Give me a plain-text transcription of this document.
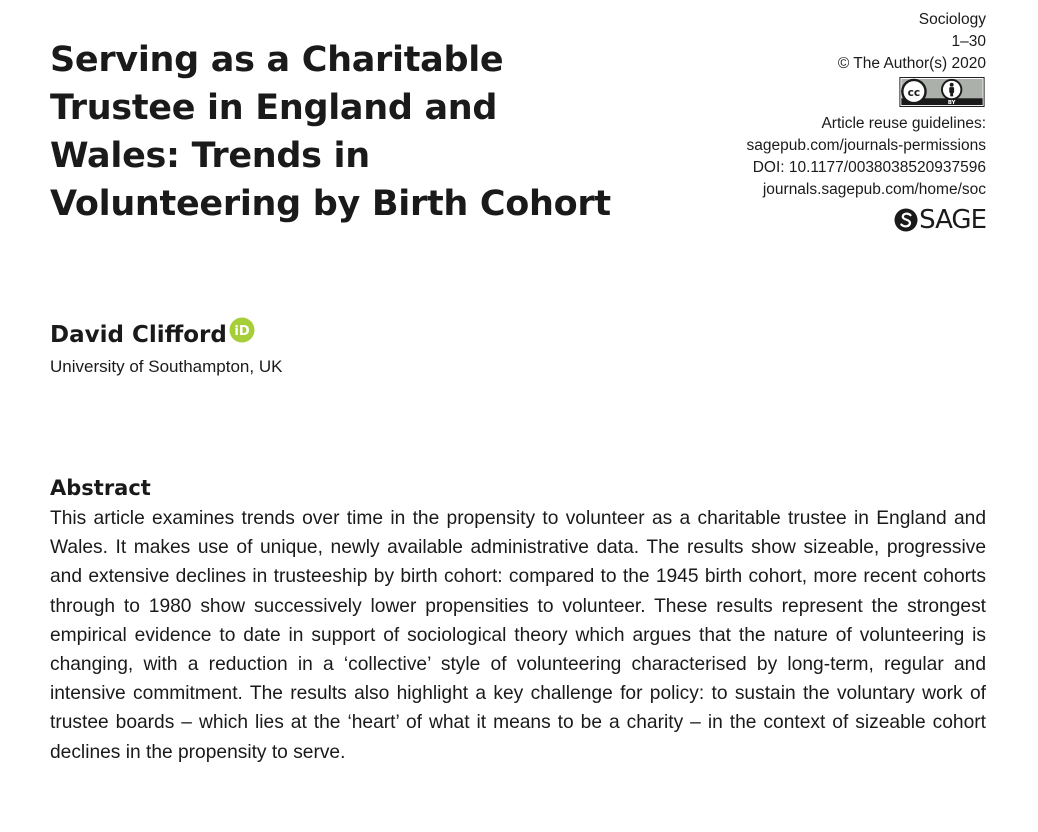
Serving as a Charitable
Trustee in England and
Wales: Trends in
Volunteering by Birth Cohort
Sociology
1–30
© The Author(s) 2020
cc
BY
Article reuse guidelines:
sagepub.com/journals-permissions
DOI: 10.1177/0038038520937596
journals.sagepub.com/home/soc
SAGE
David Clifford iD
University of Southampton, UK
Abstract

This article examines trends over time in the propensity to volunteer as a charitable trustee in England and Wales. It makes use of unique, newly available administrative data. The results show sizeable, progressive and extensive declines in trusteeship by birth cohort: compared to the 1945 birth cohort, more recent cohorts through to 1980 show successively lower propensities to volunteer. These results represent the strongest empirical evidence to date in support of sociological theory which argues that the nature of volunteering is changing, with a reduction in a ‘collective’ style of volunteering characterised by long-term, regular and intensive commitment. The results also highlight a key challenge for policy: to sustain the voluntary work of trustee boards – which lies at the ‘heart’ of what it means to be a charity – in the context of sizeable cohort declines in the propensity to serve.
